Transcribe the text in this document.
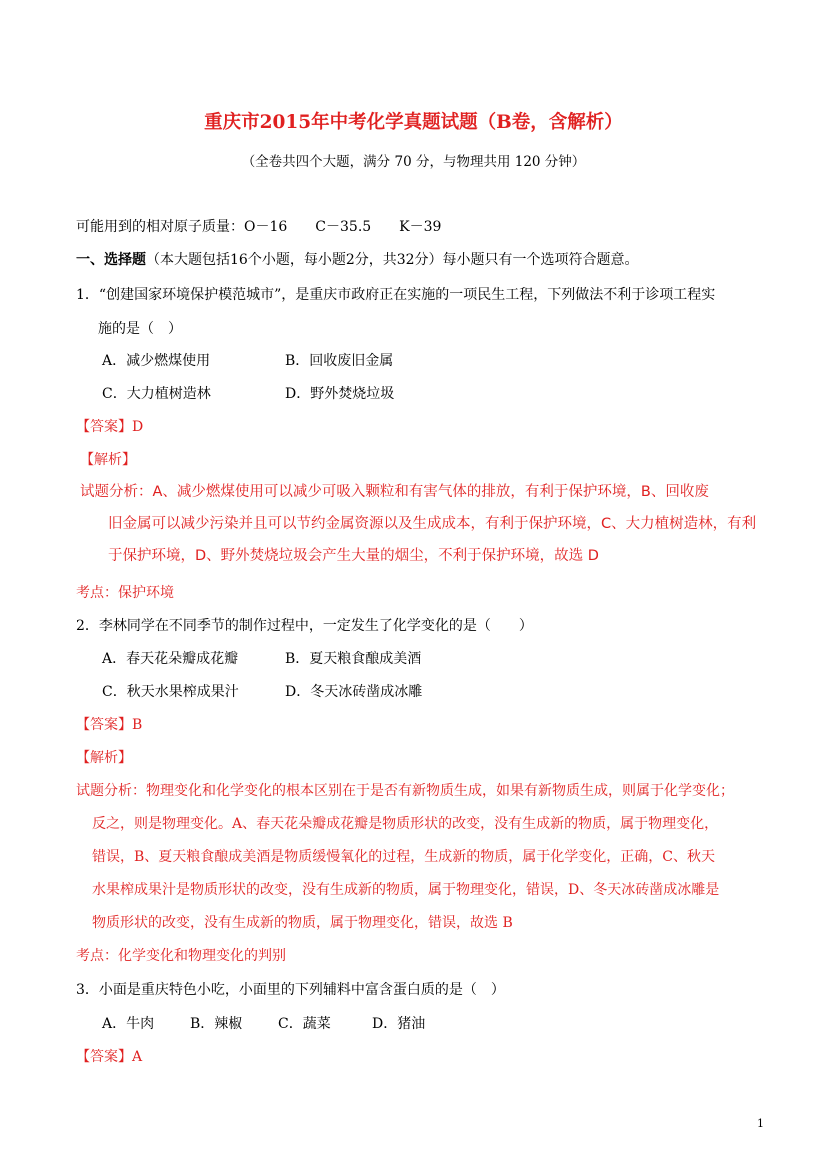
重庆市2015年中考化学真题试题（B卷，含解析）
（全卷共四个大题，满分 70 分，与物理共用 120 分钟）
可能用到的相对原子质量：O－16　　C－35.5　　K－39
一、选择题（本大题包括16个小题，每小题2分，共32分）每小题只有一个选项符合题意。
1．“创建国家环境保护模范城市”，是重庆市政府正在实施的一项民生工程，下列做法不利于诊项工程实
施的是（　）
A．减少燃煤使用	B．回收废旧金属
C．大力植树造林	D．野外焚烧垃圾
【答案】D
【解析】
试题分析：A、减少燃煤使用可以减少可吸入颗粒和有害气体的排放，有利于保护环境，B、回收废
旧金属可以减少污染并且可以节约金属资源以及生成成本，有利于保护环境，C、大力植树造林，有利
于保护环境，D、野外焚烧垃圾会产生大量的烟尘，不利于保护环境，故选 D
考点：保护环境
2．李林同学在不同季节的制作过程中，一定发生了化学变化的是（　　）
A．春天花朵瓣成花瓣	B．夏天粮食酿成美酒
C．秋天水果榨成果汁	D．冬天冰砖凿成冰雕
【答案】B
【解析】
试题分析：物理变化和化学变化的根本区别在于是否有新物质生成，如果有新物质生成，则属于化学变化；
反之，则是物理变化。A、春天花朵瓣成花瓣是物质形状的改变，没有生成新的物质，属于物理变化，
错误，B、夏天粮食酿成美酒是物质缓慢氧化的过程，生成新的物质，属于化学变化，正确，C、秋天
水果榨成果汁是物质形状的改变，没有生成新的物质，属于物理变化，错误，D、冬天冰砖凿成冰雕是
物质形状的改变，没有生成新的物质，属于物理变化，错误，故选 B
考点：化学变化和物理变化的判别
3．小面是重庆特色小吃，小面里的下列辅料中富含蛋白质的是（　）
A．牛肉	B．辣椒	C．蔬菜	D．猪油
【答案】A
1
